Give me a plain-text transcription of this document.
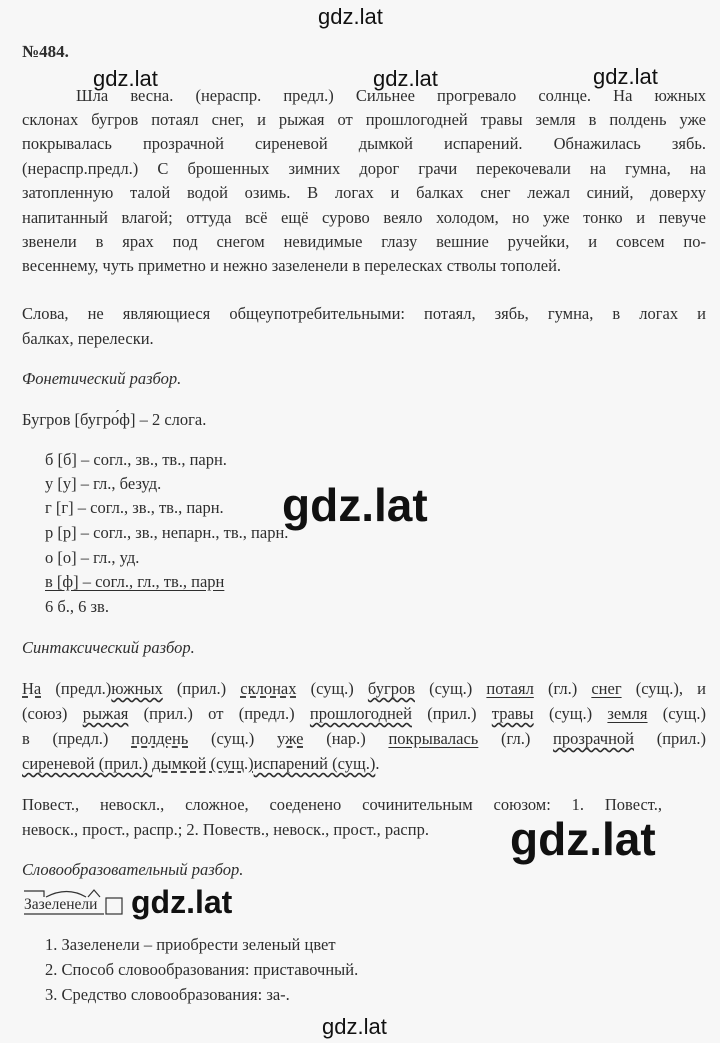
gdz.lat
gdz.lat	gdz.lat	gdz.lat
gdz.lat
gdz.lat
gdz.lat
gdz.lat
№484.
Шла весна. (нераспр. предл.) Сильнее прогревало солнце. На южных
склонах бугров потаял снег, и рыжая от прошлогодней травы земля в полдень уже
покрывалась прозрачной сиреневой дымкой испарений. Обнажилась зябь.
(нераспр.предл.) С брошенных зимних дорог грачи перекочевали на гумна, на
затопленную талой водой озимь. В логах и балках снег лежал синий, доверху
напитанный влагой; оттуда всё ещё сурово веяло холодом, но уже тонко и певуче
звенели в ярах под снегом невидимые глазу вешние ручейки, и совсем по-
весеннему, чуть приметно и нежно зазеленели в перелесках стволы тополей.
Слова, не являющиеся общеупотребительными: потаял, зябь, гумна, в логах и
балках, перелески.
Фонетический разбор.
Бугров [бугро́ф] – 2 слога.
б [б] – согл., зв., тв., парн.
у [у] – гл., безуд.
г [г] – согл., зв., тв., парн.
р [р] – согл., зв., непарн., тв., парн.
о [о] – гл., уд.
в [ф] – согл., гл., тв., парн
6 б., 6 зв.
Синтаксический разбор.
На (предл.)южных (прил.) склонах (сущ.) бугров (сущ.) потаял (гл.) снег (сущ.), и
(союз) рыжая (прил.) от (предл.) прошлогодней (прил.) травы (сущ.) земля (сущ.)
в (предл.) полдень (сущ.) уже (нар.) покрывалась (гл.) прозрачной (прил.)
сиреневой (прил.) дымкой (сущ.)испарений (сущ.).
Повест., невоскл., сложное, соеденено сочинительным союзом: 1. Повест.,
невоск., прост., распр.; 2. Повеств., невоск., прост., распр.
Словообразовательный разбор.
Зазеленели
1. Зазеленели – приобрести зеленый цвет
2. Способ словообразования: приставочный.
3. Средство словообразования: за-.
